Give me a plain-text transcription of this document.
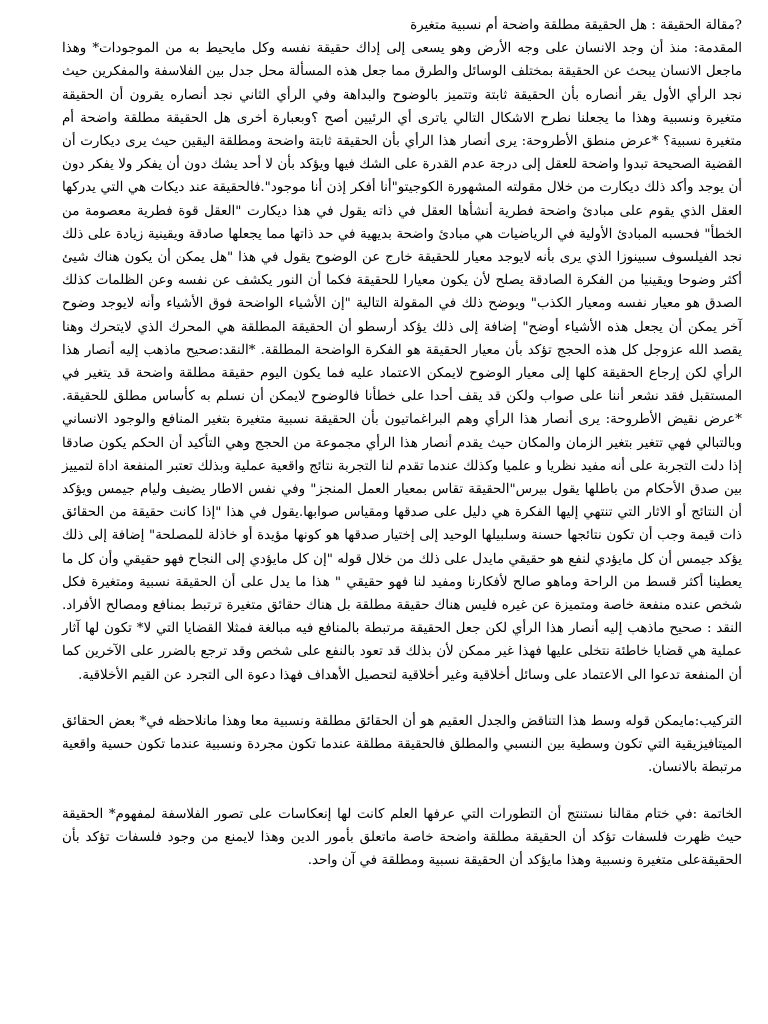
?مقالة الحقيقة : هل الحقيقة مطلقة واضحة أم نسبية متغيرة

المقدمة: منذ أن وجد الانسان على وجه الأرض وهو يسعى إلى إداك حقيقة نفسه وكل مايحيط به من الموجودات* وهذا ماجعل الانسان يبحث عن الحقيقة بمختلف الوسائل والطرق مما جعل هذه المسألة محل جدل بين الفلاسفة والمفكرين حيث نجد الرأي الأول يقر أنصاره بأن الحقيقة ثابتة وتتميز بالوضوح والبداهة وفي الرأي الثاني نجد أنصاره يقرون أن الحقيقة متغيرة ونسبية وهذا ما يجعلنا نطرح الاشكال التالي ياترى أي الرئيين أصح ؟وبعبارة أخرى هل الحقيقة مطلقة واضحة أم متغيرة نسبية؟ *عرض منطق الأطروحة: يرى أنصار هذا الرأي بأن الحقيقة ثابتة واضحة ومطلقة اليقين حيث يرى ديكارت أن القضية الصحيحة تبدوا واضحة للعقل إلى درجة عدم القدرة على الشك فيها ويؤكد بأن لا أحد يشك دون أن يفكر ولا يفكر دون أن يوجد وأكد ذلك ديكارت من خلال مقولته المشهورة الكوجيتو"أنا أفكر إذن أنا موجود".فالحقيقة عند ديكات هي التي يدركها العقل الذي يقوم على مبادئ واضحة فطرية أنشأها العقل في ذاته يقول في هذا ديكارت "العقل قوة فطرية معصومة من الخطأ" فحسبه المبادئ الأولية في الرياضيات هي مبادئ واضحة بديهية في حد ذاتها مما يجعلها صادقة ويقينية زيادة على ذلك نجد الفيلسوف سبينوزا الذي يرى بأنه لايوجد معيار للحقيقة خارج عن الوضوح يقول في هذا "هل يمكن أن يكون هناك شيئ أكثر وضوحا ويقينيا من الفكرة الصادقة يصلح لأن يكون معيارا للحقيقة فكما أن النور يكشف عن نفسه وعن الظلمات كذلك الصدق هو معيار نفسه ومعيار الكذب" ويوضح ذلك في المقولة التالية "إن الأشياء الواضحة فوق الأشياء وأنه لايوجد وضوح آخر يمكن أن يجعل هذه الأشياء أوضح" إضافة إلى ذلك يؤكد أرسطو أن الحقيقة المطلقة هي المحرك الذي لايتحرك وهنا يقصد الله عزوجل كل هذه الحجج تؤكد بأن معيار الحقيقة هو الفكرة الواضحة المطلقة. *النقد:صحيح ماذهب إليه أنصار هذا الرأي لكن إرجاع الحقيقة كلها إلى معيار الوضوح لايمكن الاعتماد عليه فما يكون اليوم حقيقة مطلقة واضحة قد يتغير في المستقبل فقد نشعر أننا على صواب ولكن قد يقف أحدا على خطأنا فالوضوح لايمكن أن نسلم به كأساس مطلق للحقيقة. *عرض نقيض الأطروحة: يرى أنصار هذا الرأي وهم البراغماتيون بأن الحقيقة نسبية متغيرة بتغير المنافع والوجود الانساني وبالتبالي فهي تتغير بتغير الزمان والمكان حيث يقدم أنصار هذا الرأي مجموعة من الحجج وهي التأكيد أن الحكم يكون صادقا إذا دلت التجربة على أنه مفيد نظريا و علميا وكذلك عندما تقدم لنا التجربة نتائج واقعية عملية وبذلك تعتبر المنفعة اداة لتمييز بين صدق الأحكام من باطلها يقول بيرس"الحقيقة تقاس بمعيار العمل المنجز" وفي نفس الاطار يضيف وليام جيمس ويؤكد أن النتائج أو الاثار التي تنتهي إليها الفكرة هي دليل على صدقها ومقياس صوابها.يقول في هذا "إذا كانت حقيقة من الحقائق ذات قيمة وجب أن تكون نتائجها حسنة وسلبيلها الوحيد إلى إختيار صدقها هو كونها مؤيدة أو خاذلة للمصلحة" إضافة إلى ذلك يؤكد جيمس أن كل مايؤدي لنفع هو حقيقي مايدل على ذلك من خلال قوله "إن كل مايؤدي إلى النجاح فهو حقيقي وأن كل ما يعطينا أكثر قسط من الراحة وماهو صالح لأفكارنا ومفيد لنا فهو حقيقي " هذا ما يدل على أن الحقيقة نسبية ومتغيرة فكل شخص عنده منفعة خاصة ومتميزة عن غيره فليس هناك حقيقة مطلقة بل هناك حقائق متغيرة ترتبط بمنافع ومصالح الأفراد. النقد : صحيح ماذهب إليه أنصار هذا الرأي لكن جعل الحقيقة مرتبطة بالمنافع فيه مبالغة فمثلا القضايا التي لا* تكون لها آثار عملية هي قضايا خاطئة نتخلى عليها فهذا غير ممكن لأن بذلك قد تعود بالنفع على شخص وقد ترجع بالضرر على الآخرين كما أن المنفعة تدعوا الى الاعتماد على وسائل أخلاقية وغير أخلاقية لتحصيل الأهداف فهذا دعوة الى التجرد عن القيم الأخلاقية.

التركيب:مايمكن قوله وسط هذا التناقض والجدل العقيم هو أن الحقائق مطلقة ونسبية معا وهذا مانلاحظه في* بعض الحقائق الميتافيزيقية التي تكون وسطية بين النسبي والمطلق فالحقيقة مطلقة عندما تكون مجردة ونسبية عندما تكون حسية واقعية مرتبطة بالانسان.

الخاتمة :في ختام مقالنا نستنتج أن التطورات التي عرفها العلم كانت لها إنعكاسات على تصور الفلاسفة لمفهوم* الحقيقة حيث ظهرت فلسفات تؤكد أن الحقيقة مطلقة واضحة خاصة ماتعلق بأمور الدين وهذا لايمنع من وجود فلسفات تؤكد بأن الحقيقةعلى متغيرة ونسبية وهذا مايؤكد أن الحقيقة نسبية ومطلقة في آن واحد.
